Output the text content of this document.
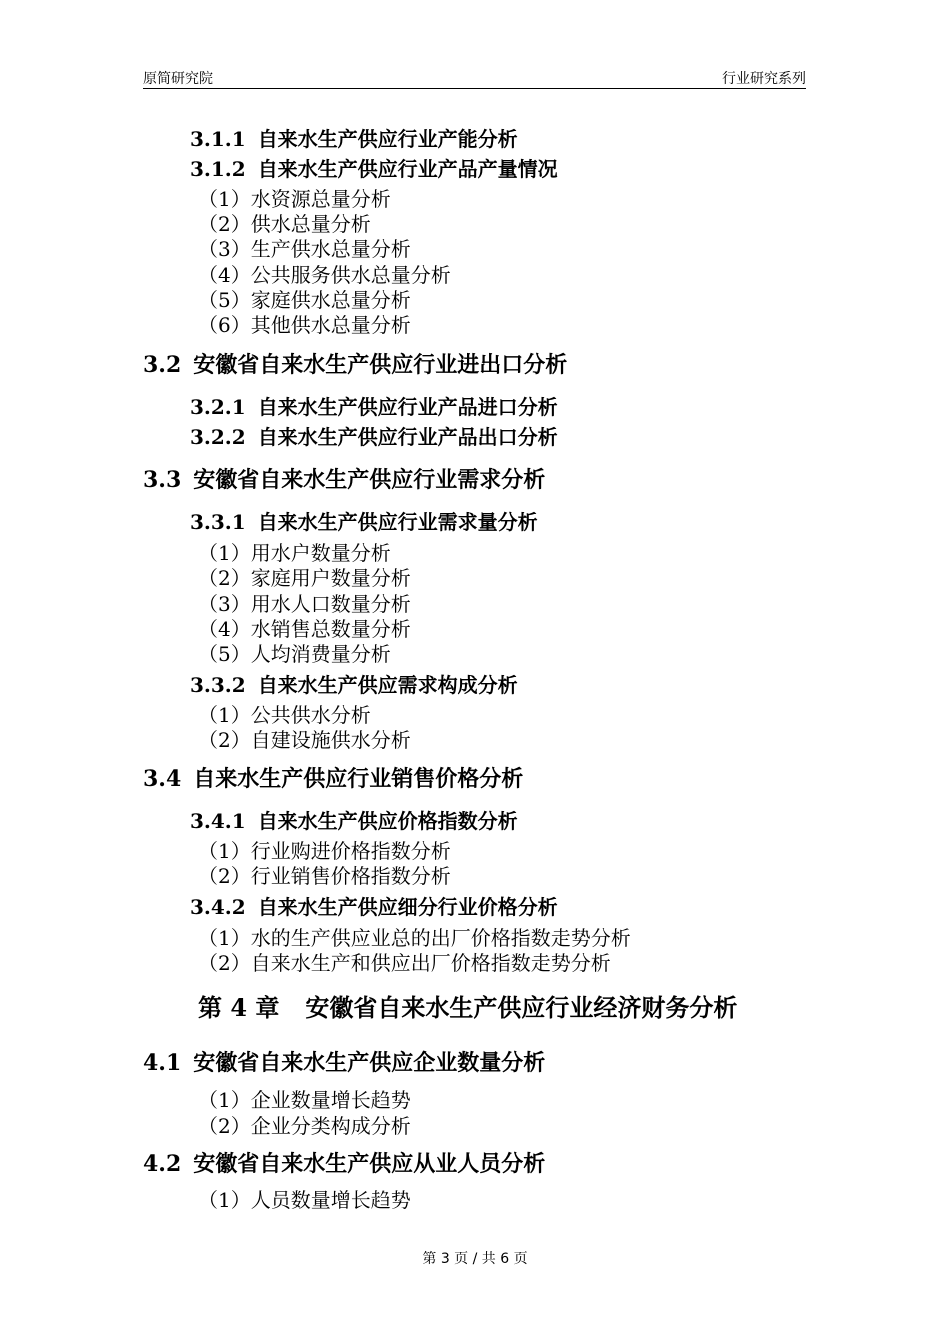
原简研究院	行业研究系列
3.1.1 自来水生产供应行业产能分析
3.1.2 自来水生产供应行业产品产量情况
（1）水资源总量分析
（2）供水总量分析
（3）生产供水总量分析
（4）公共服务供水总量分析
（5）家庭供水总量分析
（6）其他供水总量分析
3.2 安徽省自来水生产供应行业进出口分析
3.2.1 自来水生产供应行业产品进口分析
3.2.2 自来水生产供应行业产品出口分析
3.3 安徽省自来水生产供应行业需求分析
3.3.1 自来水生产供应行业需求量分析
（1）用水户数量分析
（2）家庭用户数量分析
（3）用水人口数量分析
（4）水销售总数量分析
（5）人均消费量分析
3.3.2 自来水生产供应需求构成分析
（1）公共供水分析
（2）自建设施供水分析
3.4 自来水生产供应行业销售价格分析
3.4.1 自来水生产供应价格指数分析
（1）行业购进价格指数分析
（2）行业销售价格指数分析
3.4.2 自来水生产供应细分行业价格分析
（1）水的生产供应业总的出厂价格指数走势分析
（2）自来水生产和供应出厂价格指数走势分析
第 4 章 安徽省自来水生产供应行业经济财务分析
4.1 安徽省自来水生产供应企业数量分析
（1）企业数量增长趋势
（2）企业分类构成分析
4.2 安徽省自来水生产供应从业人员分析
（1）人员数量增长趋势
第 3 页 / 共 6 页
